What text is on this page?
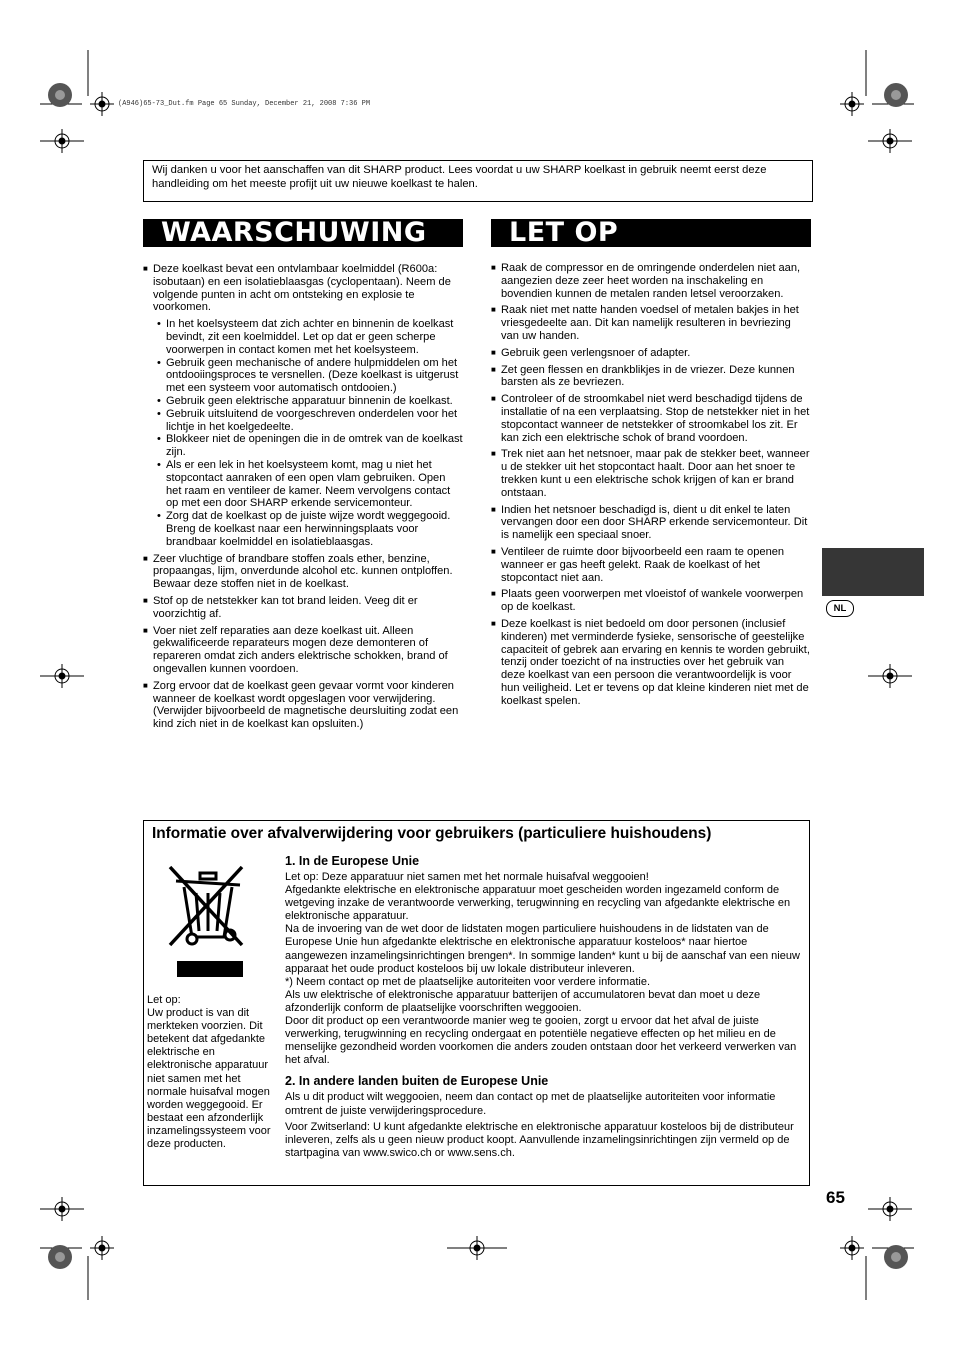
(A946)65-73_Dut.fm Page 65 Sunday, December 21, 2008 7:36 PM
Wij danken u voor het aanschaffen van dit SHARP product. Lees voordat u uw SHARP koelkast in gebruik neemt eerst deze handleiding om het meeste profijt uit uw nieuwe koelkast te halen.
WAARSCHUWING	LET OP
■ Deze koelkast bevat een ontvlambaar koelmiddel (R600a: isobutaan) en een isolatieblaasgas (cyclopentaan). Neem de volgende punten in acht om ontsteking en explosie te voorkomen.
• In het koelsysteem dat zich achter en binnenin de koelkast bevindt, zit een koelmiddel. Let op dat er geen scherpe voorwerpen in contact komen met het koelsysteem.
• Gebruik geen mechanische of andere hulpmiddelen om het ontdooiingsproces te versnellen. (Deze koelkast is uitgerust met een systeem voor automatisch ontdooien.)
• Gebruik geen elektrische apparatuur binnenin de koelkast.
• Gebruik uitsluitend de voorgeschreven onderdelen voor het lichtje in het koelgedeelte.
• Blokkeer niet de openingen die in de omtrek van de koelkast zijn.
• Als er een lek in het koelsysteem komt, mag u niet het stopcontact aanraken of een open vlam gebruiken. Open het raam en ventileer de kamer. Neem vervolgens contact op met een door SHARP erkende servicemonteur.
• Zorg dat de koelkast op de juiste wijze wordt weggegooid. Breng de koelkast naar een herwinningsplaats voor brandbaar koelmiddel en isolatieblaasgas.
■ Zeer vluchtige of brandbare stoffen zoals ether, benzine, propaangas, lijm, onverdunde alcohol etc. kunnen ontploffen. Bewaar deze stoffen niet in de koelkast.
■ Stof op de netstekker kan tot brand leiden. Veeg dit er voorzichtig af.
■ Voer niet zelf reparaties aan deze koelkast uit. Alleen gekwalificeerde reparateurs mogen deze demonteren of repareren omdat zich anders elektrische schokken, brand of ongevallen kunnen voordoen.
■ Zorg ervoor dat de koelkast geen gevaar vormt voor kinderen wanneer de koelkast wordt opgeslagen voor verwijdering. (Verwijder bijvoorbeeld de magnetische deursluiting zodat een kind zich niet in de koelkast kan opsluiten.)
■ Raak de compressor en de omringende onderdelen niet aan, aangezien deze zeer heet worden na inschakeling en bovendien kunnen de metalen randen letsel veroorzaken.
■ Raak niet met natte handen voedsel of metalen bakjes in het vriesgedeelte aan. Dit kan namelijk resulteren in bevriezing van uw handen.
■ Gebruik geen verlengsnoer of adapter.
■ Zet geen flessen en drankblikjes in de vriezer. Deze kunnen barsten als ze bevriezen.
■ Controleer of de stroomkabel niet werd beschadigd tijdens de installatie of na een verplaatsing. Stop de netstekker niet in het stopcontact wanneer de netstekker of stroomkabel los zit. Er kan zich een elektrische schok of brand voordoen.
■ Trek niet aan het netsnoer, maar pak de stekker beet, wanneer u de stekker uit het stopcontact haalt. Door aan het snoer te trekken kunt u een elektrische schok krijgen of kan er brand ontstaan.
■ Indien het netsnoer beschadigd is, dient u dit enkel te laten vervangen door een door SHARP erkende servicemonteur. Dit is namelijk een speciaal snoer.
■ Ventileer de ruimte door bijvoorbeeld een raam te openen wanneer er gas heeft gelekt. Raak de koelkast of het stopcontact niet aan.
■ Plaats geen voorwerpen met vloeistof of wankele voorwerpen op de koelkast.
■ Deze koelkast is niet bedoeld om door personen (inclusief kinderen) met verminderde fysieke, sensorische of geestelijke capaciteit of gebrek aan ervaring en kennis te worden gebruikt, tenzij onder toezicht of na instructies over het gebruik van deze koelkast van een persoon die verantwoordelijk is voor hun veiligheid. Let er tevens op dat kleine kinderen niet met de koelkast spelen.
NL
Informatie over afvalverwijdering voor gebruikers (particuliere huishoudens)
Let op:
Uw product is van dit merkteken voorzien. Dit betekent dat afgedankte elektrische en elektronische apparatuur niet samen met het normale huisafval mogen worden weggegooid. Er bestaat een afzonderlijk inzamelingssysteem voor deze producten.
1. In de Europese Unie

Let op: Deze apparatuur niet samen met het normale huisafval weggooien!

Afgedankte elektrische en elektronische apparatuur moet gescheiden worden ingezameld conform de wetgeving inzake de verantwoorde verwerking, terugwinning en recycling van afgedankte elektrische en elektronische apparatuur.

Na de invoering van de wet door de lidstaten mogen particuliere huishoudens in de lidstaten van de Europese Unie hun afgedankte elektrische en elektronische apparatuur kosteloos* naar hiertoe aangewezen inzamelingsinrichtingen brengen*. In sommige landen* kunt u bij de aanschaf van een nieuw apparaat het oude product kosteloos bij uw lokale distributeur inleveren.

*) Neem contact op met de plaatselijke autoriteiten voor verdere informatie.

Als uw elektrische of elektronische apparatuur batterijen of accumulatoren bevat dan moet u deze afzonderlijk conform de plaatselijke voorschriften weggooien.

Door dit product op een verantwoorde manier weg te gooien, zorgt u ervoor dat het afval de juiste verwerking, terugwinning en recycling ondergaat en potentiële negatieve effecten op het milieu en de menselijke gezondheid worden voorkomen die anders zouden ontstaan door het verkeerd verwerken van het afval.

2. In andere landen buiten de Europese Unie

Als u dit product wilt weggooien, neem dan contact op met de plaatselijke autoriteiten voor informatie omtrent de juiste verwijderingsprocedure.

Voor Zwitserland: U kunt afgedankte elektrische en elektronische apparatuur kosteloos bij de distributeur inleveren, zelfs als u geen nieuw product koopt. Aanvullende inzamelingsinrichtingen zijn vermeld op de startpagina van www.swico.ch or www.sens.ch.

65
